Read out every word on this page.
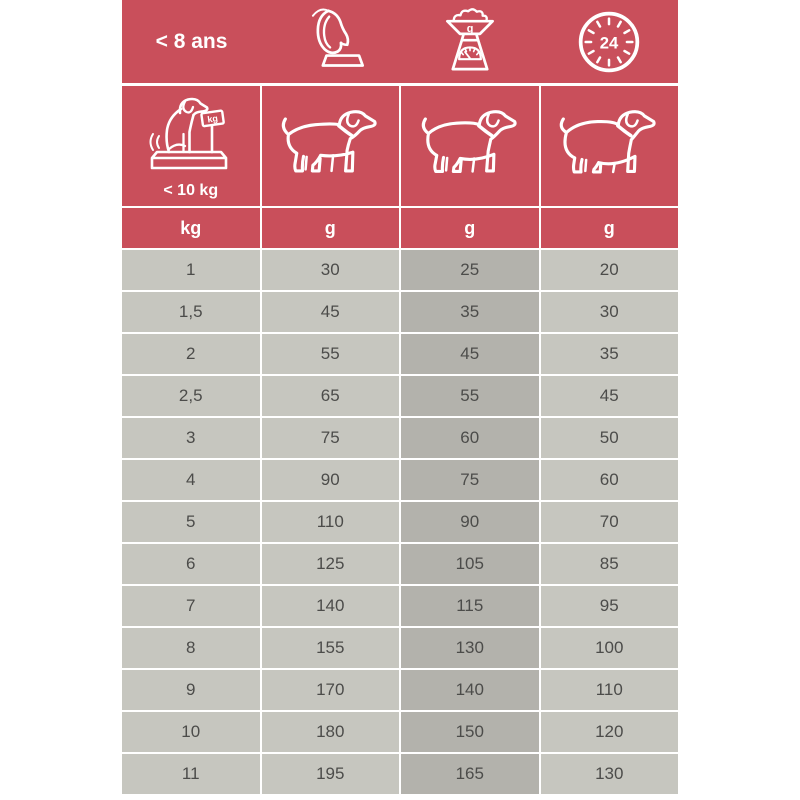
< 8 ans
g
24
kg
< 10 kg
kg	g	g	g
1	30	25	20
1,5	45	35	30
2	55	45	35
2,5	65	55	45
3	75	60	50
4	90	75	60
5	110	90	70
6	125	105	85
7	140	115	95
8	155	130	100
9	170	140	110
10	180	150	120
11	195	165	130
